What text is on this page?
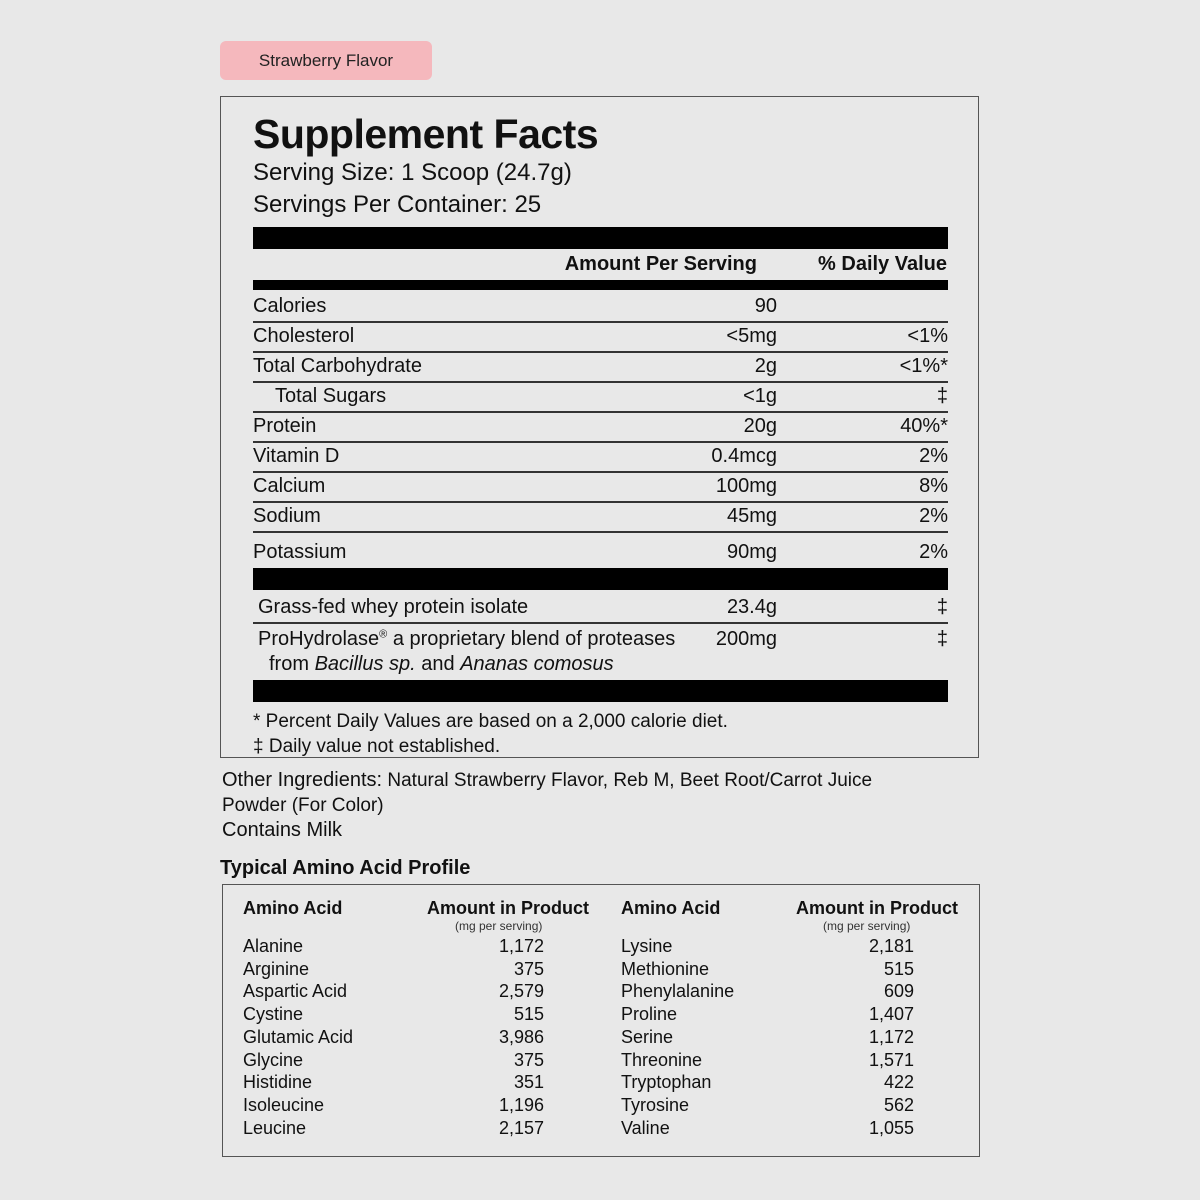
Strawberry Flavor
Supplement Facts
Serving Size: 1 Scoop (24.7g)
Servings Per Container: 25
Amount Per Serving	% Daily Value
Calories	90
Cholesterol	<5mg	<1%
Total Carbohydrate	2g	<1%*
Total Sugars	<1g	‡
Protein	20g	40%*
Vitamin D	0.4mcg	2%
Calcium	100mg	8%
Sodium	45mg	2%
Potassium	90mg	2%
Grass-fed whey protein isolate	23.4g	‡
ProHydrolase® a proprietary blend of proteases
from Bacillus sp. and Ananas comosus
200mg	‡
* Percent Daily Values are based on a 2,000 calorie diet.
‡ Daily value not established.
Other Ingredients: Natural Strawberry Flavor, Reb M, Beet Root/Carrot Juice
Powder (For Color)
Contains Milk
Typical Amino Acid Profile
Amino Acid	Amount in Product
(mg per serving)
Amino Acid	Amount in Product
(mg per serving)
Alanine	1,172
Arginine	375
Aspartic Acid	2,579
Cystine	515
Glutamic Acid	3,986
Glycine	375
Histidine	351
Isoleucine	1,196
Leucine	2,157
Lysine	2,181
Methionine	515
Phenylalanine	609
Proline	1,407
Serine	1,172
Threonine	1,571
Tryptophan	422
Tyrosine	562
Valine	1,055
